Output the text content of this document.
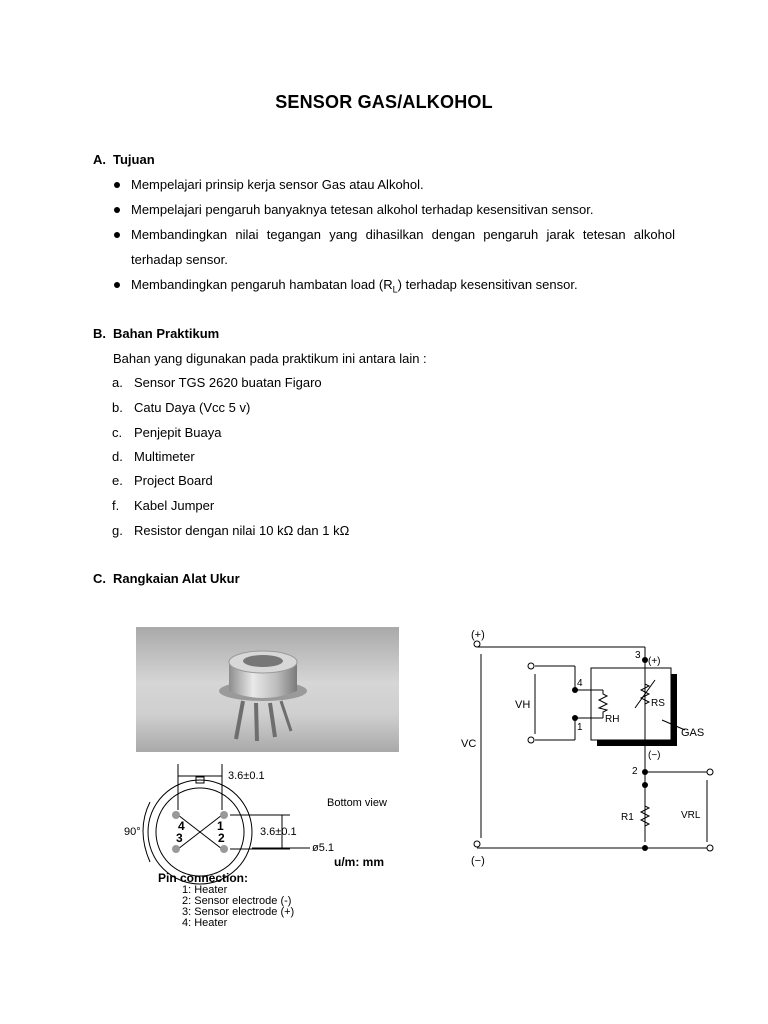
SENSOR GAS/ALKOHOL
A. Tujuan
Mempelajari prinsip kerja sensor Gas atau Alkohol.
Mempelajari pengaruh banyaknya tetesan alkohol terhadap kesensitivan sensor.
Membandingkan nilai tegangan yang dihasilkan dengan pengaruh jarak tetesan alkohol
terhadap sensor.
Membandingkan pengaruh hambatan load $(R_L)$ terhadap kesensitivan sensor.
B. Bahan Praktikum
Bahan yang digunakan pada praktikum ini antara lain :
a. Sensor TGS 2620 buatan Figaro
b. Catu Daya (Vcc 5 v)
c. Penjepit Buaya
d. Multimeter
e. Project Board
f. Kabel Jumper
g. Resistor dengan nilai 10 kΩ dan 1 kΩ
C. Rangkaian Alat Ukur
3.6±0.1
3.6±0.1
ø5.1
90°
Bottom view
u/m: mm
4	1
3	2
Pin connection:
1: Heater
2: Sensor electrode (-)
3: Sensor electrode (+)
4: Heater
(+)
(−)
VC
VH
RH
RS
GAS
R1	VRL
3
(+)
4
1
(−)
2
